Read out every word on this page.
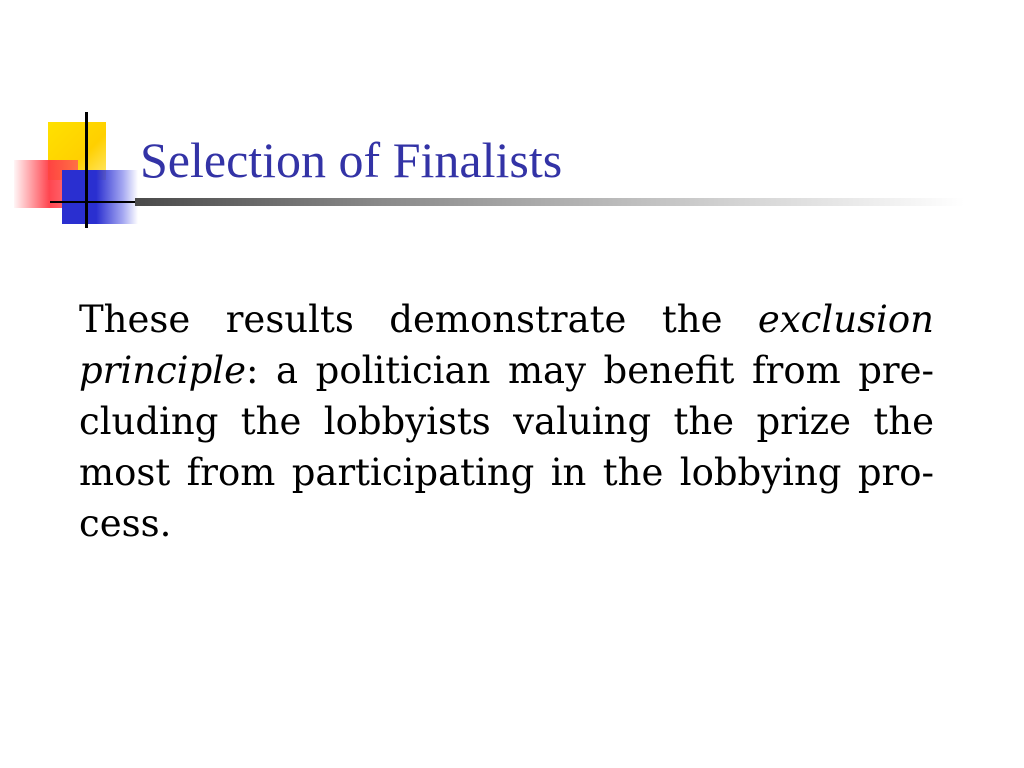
Selection of Finalists

These results demonstrate the exclusion principle: a politician may benefit from pre-cluding the lobbyists valuing the prize the most from participating in the lobbying pro-cess.
